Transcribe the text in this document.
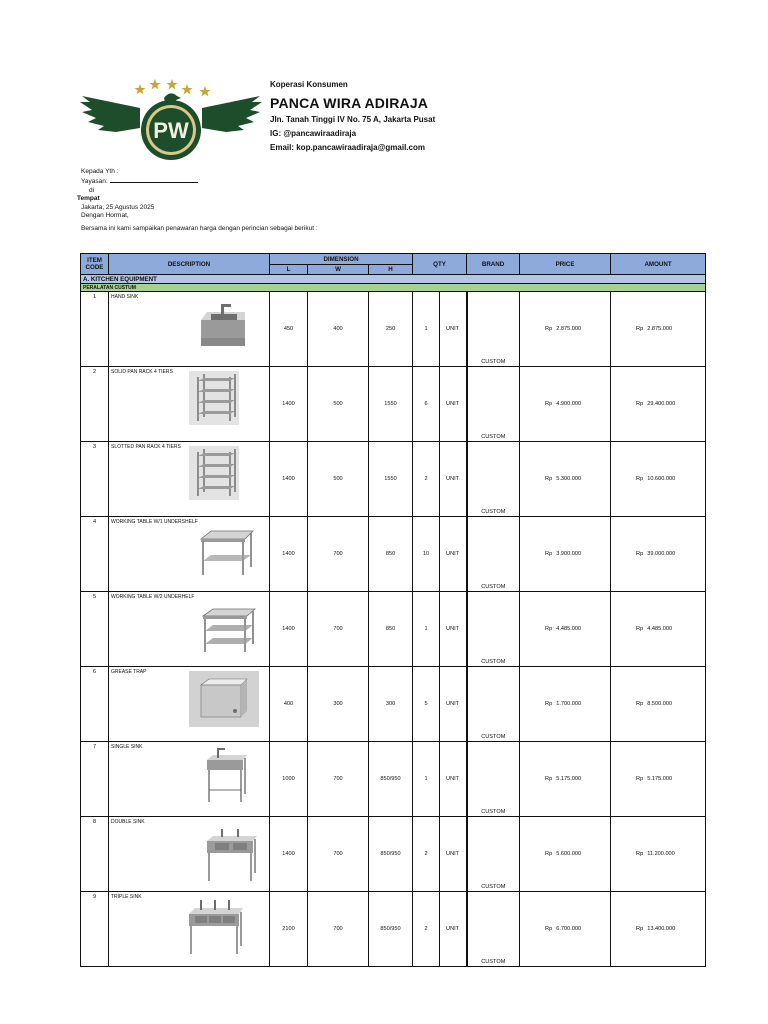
PW
Koperasi Konsumen
PANCA WIRA ADIRAJA
Jln. Tanah Tinggi IV No. 75 A, Jakarta Pusat
IG: @pancawiraadiraja
Email: kop.pancawiraadiraja@gmail.com
Kepada Yth :
Yayasan:
di
Tempat
Jakarta, 25 Agustus 2025
Dengan Hormat,
Bersama ini kami sampaikan penawaran harga dengan perincian sebagai berikut :
ITEM CODE	DESCRIPTION	DIMENSION			QTY		BRAND	PRICE	AMOUNT
		L	W	H					
A. KITCHEN EQUIPMENT									
PERALATAN CUSTUM									
1	HAND SINK	450	400	250	1	UNIT	CUSTOM	Rp 2.875.000	Rp 2.875.000
2	SOLID PAN RACK 4 TIERS	1400	500	1550	6	UNIT	CUSTOM	Rp 4.900.000	Rp 29.400.000
3	SLOTTED PAN RACK 4 TIERS	1400	500	1550	2	UNIT	CUSTOM	Rp 5.300.000	Rp 10.600.000
4	WORKING TABLE W/1 UNDERSHELF	1400	700	850	10	UNIT	CUSTOM	Rp 3.900.000	Rp 39.000.000
5	WORKING TABLE W/2 UNDERHELF	1400	700	850	1	UNIT	CUSTOM	Rp 4.485.000	Rp 4.485.000
6	GREASE TRAP	400	300	300	5	UNIT	CUSTOM	Rp 1.700.000	Rp 8.500.000
7	SINGLE SINK	1000	700	850/950	1	UNIT	CUSTOM	Rp 5.175.000	Rp 5.175.000
8	DOUBLE SINK	1400	700	850/950	2	UNIT	CUSTOM	Rp 5.600.000	Rp 11.200.000
9	TRIPLE SINK	2100	700	850/950	2	UNIT	CUSTOM	Rp 6.700.000	Rp 13.400.000
